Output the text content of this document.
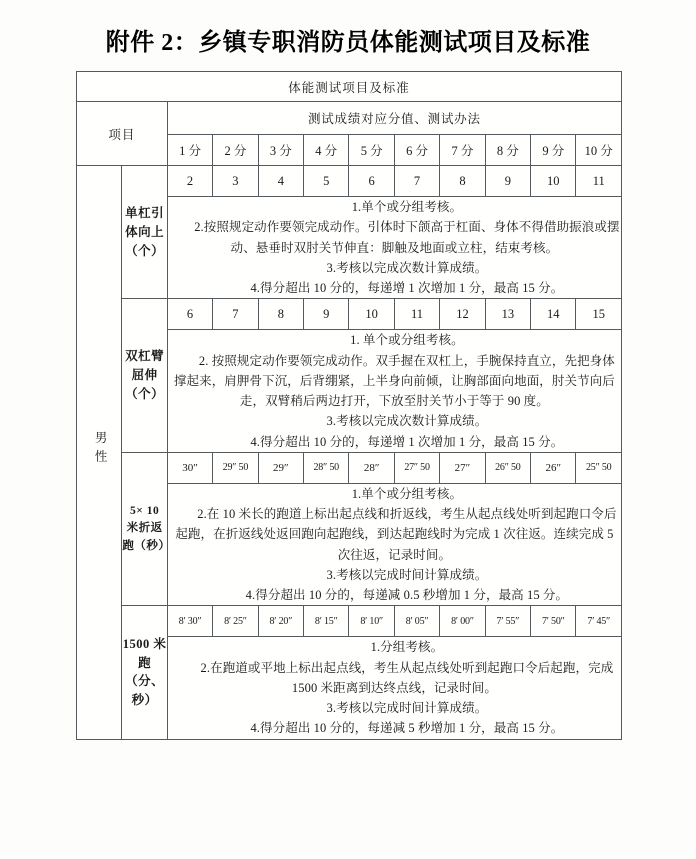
附件 2：乡镇专职消防员体能测试项目及标准
体能测试项目及标准											
项目		测试成绩对应分值、测试办法									
		1 分	2 分	3 分	4 分	5 分	6 分	7 分	8 分	9 分	10 分
男性	单杠引体向上（个）	2	3	4	5	6	7	8	9	10	11

		1.单个或分组考核。

2.按照规定动作要领完成动作。引体时下颌高于杠面、身体不得借助振浪或摆动、悬垂时双肘关节伸直：脚触及地面或立柱，结束考核。

3.考核以完成次数计算成绩。

4.得分超出 10 分的，每递增 1 次增加 1 分，最高 15 分。									

	双杠臂屈伸（个）	6	7	8	9	10	11	12	13	14	15

		1. 单个或分组考核。

2. 按照规定动作要领完成动作。双手握在双杠上，手腕保持直立，先把身体撑起来，肩胛骨下沉，后背绷紧，上半身向前倾，让胸部面向地面，肘关节向后走，双臂稍后两边打开，下放至肘关节小于等于 90 度。

3.考核以完成次数计算成绩。

4.得分超出 10 分的，每递增 1 次增加 1 分，最高 15 分。									

	5× 10 米折返跑（秒）	30″	29″ 50	29″	28″ 50	28″	27″ 50	27″	26″ 50	26″	25″ 50

		1.单个或分组考核。

2.在 10 米长的跑道上标出起点线和折返线，考生从起点线处听到起跑口令后起跑，在折返线处返回跑向起跑线，到达起跑线时为完成 1 次往返。连续完成 5 次往返，记录时间。

3.考核以完成时间计算成绩。

4.得分超出 10 分的，每递减 0.5 秒增加 1 分，最高 15 分。									

	1500 米跑（分、秒）	8′ 30″	8′ 25″	8′ 20″	8′ 15″	8′ 10″	8′ 05″	8′ 00″	7′ 55″	7′ 50″	7′ 45″

		1.分组考核。

2.在跑道或平地上标出起点线，考生从起点线处听到起跑口令后起跑，完成 1500 米距离到达终点线，记录时间。

3.考核以完成时间计算成绩。

4.得分超出 10 分的，每递减 5 秒增加 1 分，最高 15 分。									
